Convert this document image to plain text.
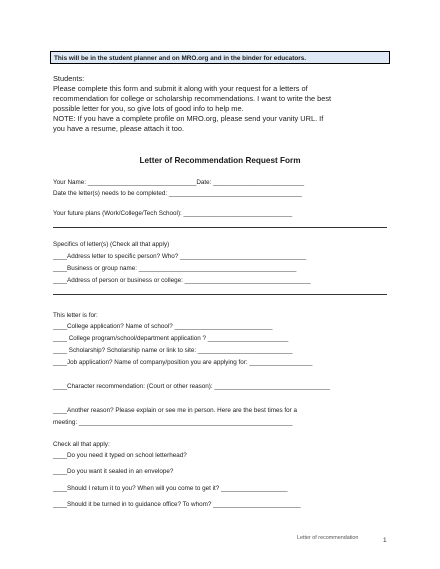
This will be in the student planner and on MRO.org and in the binder for educators.
Students:
Please complete this form and submit it along with your request for a letters of
recommendation for college or scholarship recommendations. I want to write the best
possible letter for you, so give lots of good info to help me.
NOTE: If you have a complete profile on MRO.org, please send your vanity URL. If
you have a resume, please attach it too.
Letter of Recommendation Request Form
Your Name: _______________________________Date: __________________________
Date the letter(s) needs to be completed: ______________________________________
Your future plans (Work/College/Tech School): _______________________________
Specifics of letter(s) (Check all that apply)
____Address letter to specific person? Who? ____________________________________
____Business or group name: _____________________________________________
____Address of person or business or college: ____________________________________
This letter is for:
____College application? Name of school? ____________________________
____ College program/school/department application ? _______________________
____ Scholarship? Scholarship name or link to site: ___________________________
____Job application? Name of company/position you are applying for: __________________
____Character recommendation: (Court or other reason): _________________________________
____Another reason? Please explain or see me in person. Here are the best times for a
meeting: _____________________________________________________________
Check all that apply:
____Do you need it typed on school letterhead?
____Do you want it sealed in an envelope?
____Should I return it to you? When will you come to get it? ___________________
____Should it be turned in to guidance office? To whom? _________________________
Letter of recommendation	1
